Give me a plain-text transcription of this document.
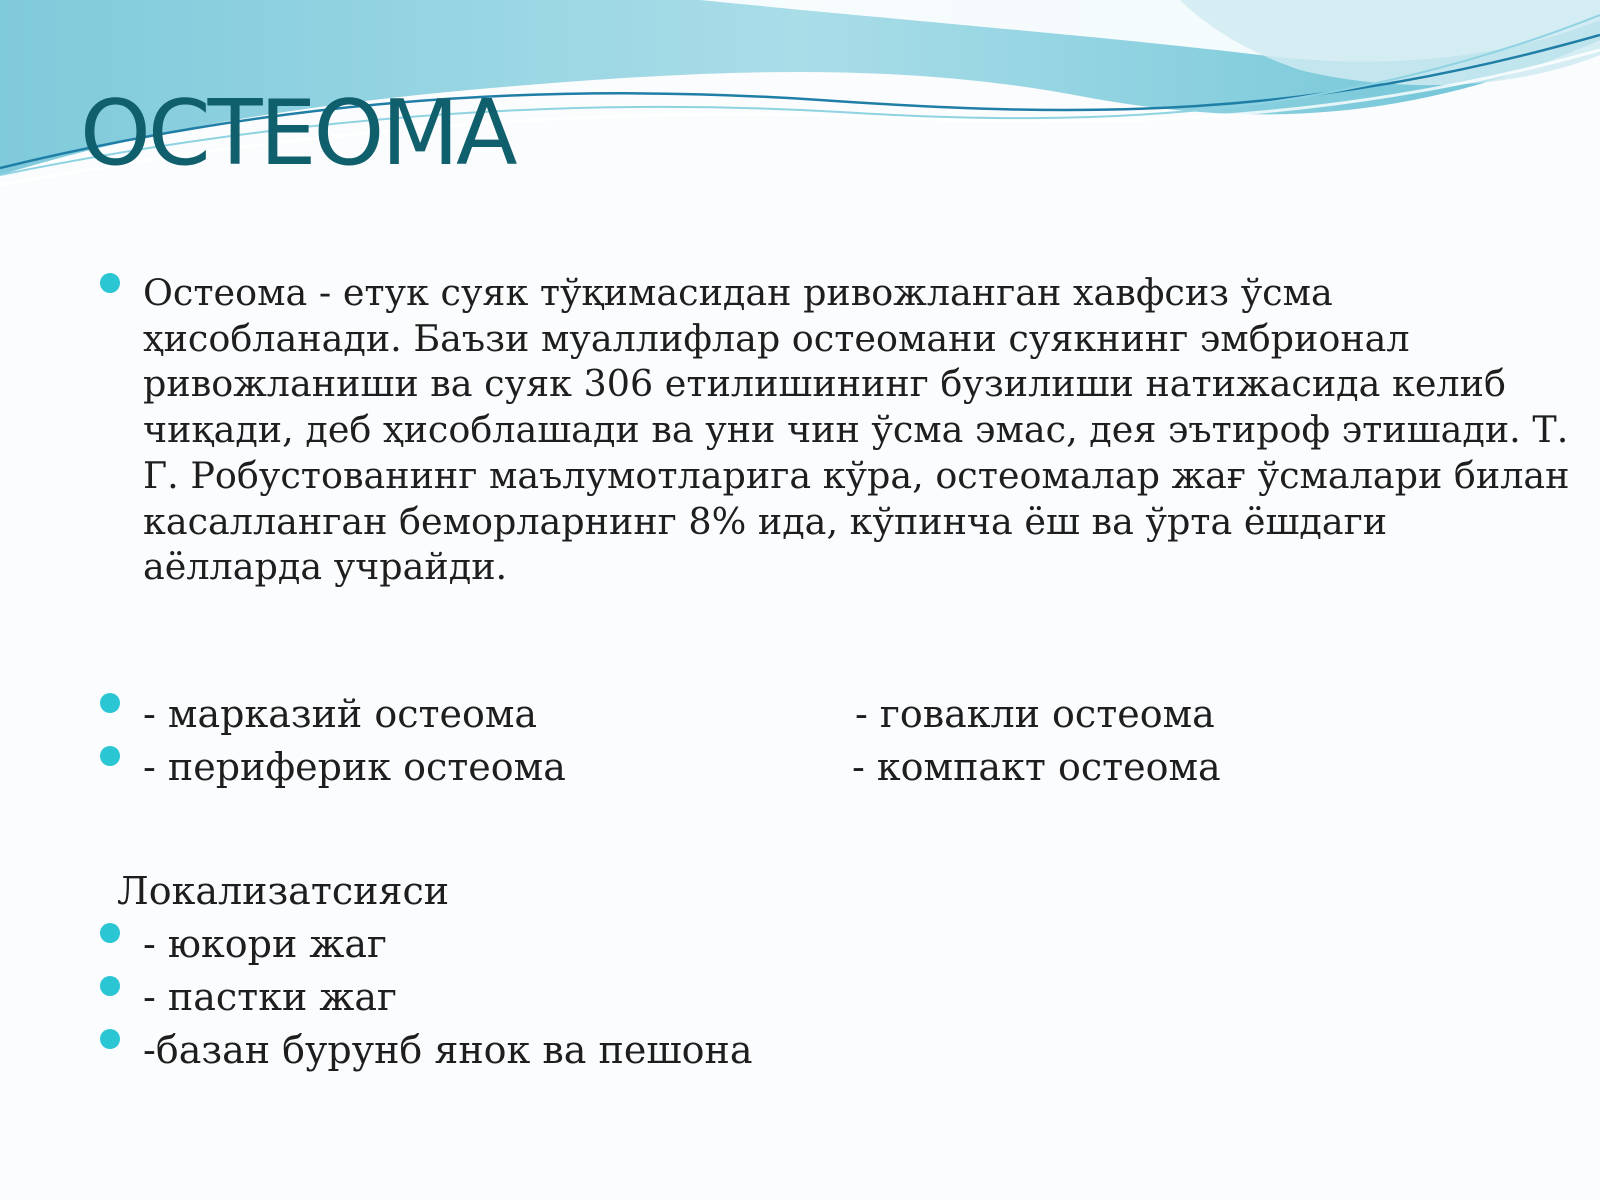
ОСТЕОМА

Остеома - етук суяк тўқимасидан ривожланган хавфсиз ўсма ҳисобланади. Баъзи муаллифлар остеомани суякнинг эмбрионал ривожланиши ва суяк 306 етилишининг бузилиши натижасида келиб чиқади, деб ҳисоблашади ва уни чин ўсма эмас, дея эътироф этишади. Т. Г. Робустованинг маълумотларига кўра, остеомалар жағ ўсмалари билан касалланган беморларнинг 8% ида, кўпинча ёш ва ўрта ёшдаги аёлларда учрайди.

- марказий остеома	- говакли остеома

- периферик остеома	- компакт остеома

Локализатсияси

- юкори жаг

- пастки жаг

-базан бурунб янок ва пешона
